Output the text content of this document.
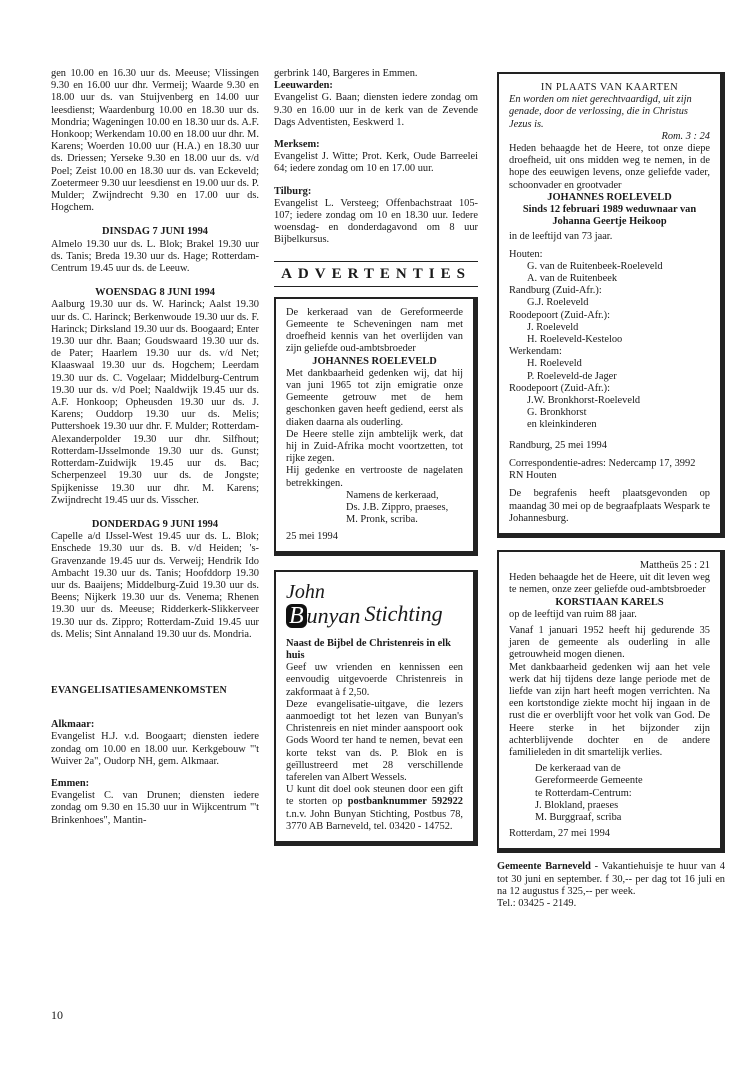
gen 10.00 en 16.30 uur ds. Meeuse; Vlissingen 9.30 en 16.00 uur dhr. Vermeij; Waarde 9.30 en 18.00 uur ds. van Stuijvenberg en 14.00 uur leesdienst; Waardenburg 10.00 en 18.30 uur ds. Mondria; Wageningen 10.00 en 18.30 uur ds. A.F. Honkoop; Werkendam 10.00 en 18.00 uur dhr. M. Karens; Woerden 10.00 uur (H.A.) en 18.30 uur ds. Driessen; Yerseke 9.30 en 18.00 uur ds. v/d Poel; Zeist 10.00 en 18.30 uur ds. van Eckeveld; Zoetermeer 9.30 uur leesdienst en 19.00 uur ds. P. Mulder; Zwijndrecht 9.30 en 17.00 uur ds. Hogchem.

DINSDAG 7 JUNI 1994

Almelo 19.30 uur ds. L. Blok; Brakel 19.30 uur ds. Tanis; Breda 19.30 uur ds. Hage; Rotterdam-Centrum 19.45 uur ds. de Leeuw.

WOENSDAG 8 JUNI 1994

Aalburg 19.30 uur ds. W. Harinck; Aalst 19.30 uur ds. C. Harinck; Berkenwoude 19.30 uur ds. F. Harinck; Dirksland 19.30 uur ds. Boogaard; Enter 19.30 uur dhr. Baan; Goudswaard 19.30 uur ds. de Pater; Haarlem 19.30 uur ds. v/d Net; Klaaswaal 19.30 uur ds. Hogchem; Leerdam 19.30 uur ds. C. Vogelaar; Middelburg-Centrum 19.30 uur ds. v/d Poel; Naaldwijk 19.45 uur ds. A.F. Honkoop; Opheusden 19.30 uur ds. J. Karens; Ouddorp 19.30 uur ds. Melis; Puttershoek 19.30 uur dhr. F. Mulder; Rotterdam-Alexanderpolder 19.30 uur dhr. Silfhout; Rotterdam-IJsselmonde 19.30 uur ds. Gunst; Rotterdam-Zuidwijk 19.45 uur ds. Bac; Scherpenzeel 19.30 uur ds. de Jongste; Spijkenisse 19.30 uur dhr. M. Karens; Zwijndrecht 19.45 uur ds. Visscher.

DONDERDAG 9 JUNI 1994

Capelle a/d IJssel-West 19.45 uur ds. L. Blok; Enschede 19.30 uur ds. B. v/d Heiden; 's-Gravenzande 19.45 uur ds. Verweij; Hendrik Ido Ambacht 19.30 uur ds. Tanis; Hoofddorp 19.30 uur ds. Baaijens; Middelburg-Zuid 19.30 uur ds. Beens; Nijkerk 19.30 uur ds. Venema; Rhenen 19.30 uur ds. Meeuse; Ridderkerk-Slikkerveer 19.30 uur ds. Zippro; Rotterdam-Zuid 19.45 uur ds. Melis; Sint Annaland 19.30 uur ds. Mondria.

EVANGELISATIESAMENKOMSTEN

Alkmaar:

Evangelist H.J. v.d. Boogaart; diensten iedere zondag om 10.00 en 18.00 uur. Kerkgebouw "'t Wuiver 2a", Oudorp NH, gem. Alkmaar.

Emmen:

Evangelist C. van Drunen; diensten iedere zondag om 9.30 en 15.30 uur in Wijkcentrum "'t Brinkenhoes", Mantin-

10

gerbrink 140, Bargeres in Emmen.

Leeuwarden:

Evangelist G. Baan; diensten iedere zondag om 9.30 en 16.00 uur in de kerk van de Zevende Dags Adventisten, Eeskwerd 1.

Merksem:

Evangelist J. Witte; Prot. Kerk, Oude Barreelei 64; iedere zondag om 10 en 17.00 uur.

Tilburg:

Evangelist L. Versteeg; Offenbachstraat 105-107; iedere zondag om 10 en 18.30 uur. Iedere woensdag- en donderdagavond om 8 uur Bijbelkursus.

ADVERTENTIES

De kerkeraad van de Gereformeerde Gemeente te Scheveningen nam met droefheid kennis van het overlijden van zijn geliefde oud-ambtsbroeder

JOHANNES ROELEVELD

Met dankbaarheid gedenken wij, dat hij van juni 1965 tot zijn emigratie onze Gemeente getrouw met de hem geschonken gaven heeft gediend, eerst als diaken daarna als ouderling.

De Heere stelle zijn ambtelijk werk, dat hij in Zuid-Afrika mocht voortzetten, tot rijke zegen.

Hij gedenke en vertrooste de nagelaten betrekkingen.

Namens de kerkeraad,

Ds. J.B. Zippro, praeses,

M. Pronk, scriba.

25 mei 1994

John
B unyan Stichting

Naast de Bijbel de Christenreis in elk huis

Geef uw vrienden en kennissen een eenvoudig uitgevoerde Christenreis in zakformaat à f 2,50.

Deze evangelisatie-uitgave, die lezers aanmoedigt tot het lezen van Bunyan's Christenreis en niet minder aanspoort ook Gods Woord ter hand te nemen, bevat een korte tekst van ds. P. Blok en is geïllustreerd met 28 verschillende taferelen van Albert Wessels.

U kunt dit doel ook steunen door een gift te storten op postbanknummer 592922 t.n.v. John Bunyan Stichting, Postbus 78, 3770 AB Barneveld, tel. 03420 - 14752.

IN PLAATS VAN KAARTEN

En worden om niet gerechtvaardigd, uit zijn genade, door de verlossing, die in Christus Jezus is.

Rom. 3 : 24

Heden behaagde het de Heere, tot onze diepe droefheid, uit ons midden weg te nemen, in de hope des eeuwigen levens, onze geliefde vader, schoonvader en grootvader

JOHANNES ROELEVELD

Sinds 12 februari 1989 weduwnaar van Johanna Geertje Heikoop

in de leeftijd van 73 jaar.

Houten:

G. van de Ruitenbeek-Roeleveld

A. van de Ruitenbeek

Randburg (Zuid-Afr.):

G.J. Roeleveld

Roodepoort (Zuid-Afr.):

J. Roeleveld

H. Roeleveld-Kesteloo

Werkendam:

H. Roeleveld

P. Roeleveld-de Jager

Roodepoort (Zuid-Afr.):

J.W. Bronkhorst-Roeleveld

G. Bronkhorst

en kleinkinderen

Randburg, 25 mei 1994

Correspondentie-adres: Nedercamp 17, 3992 RN Houten

De begrafenis heeft plaatsgevonden op maandag 30 mei op de begraafplaats Wespark te Johannesburg.

Mattheüs 25 : 21

Heden behaagde het de Heere, uit dit leven weg te nemen, onze zeer geliefde oud-ambtsbroeder

KORSTIAAN KARELS

op de leeftijd van ruim 88 jaar.

Vanaf 1 januari 1952 heeft hij gedurende 35 jaren de gemeente als ouderling in alle getrouwheid mogen dienen.

Met dankbaarheid gedenken wij aan het vele werk dat hij tijdens deze lange periode met de liefde van zijn hart heeft mogen verrichten. Na een kortstondige ziekte mocht hij ingaan in de rust die er overblijft voor het volk van God. De Heere sterke in het bijzonder zijn achterblijvende dochter en de andere familieleden in dit smartelijk verlies.

De kerkeraad van de

Gereformeerde Gemeente

te Rotterdam-Centrum:

J. Blokland, praeses

M. Burggraaf, scriba

Rotterdam, 27 mei 1994

Gemeente Barneveld - Vakantiehuisje te huur van 4 tot 30 juni en september. f 30,-- per dag tot 16 juli en na 12 augustus f 325,-- per week.

Tel.: 03425 - 2149.
